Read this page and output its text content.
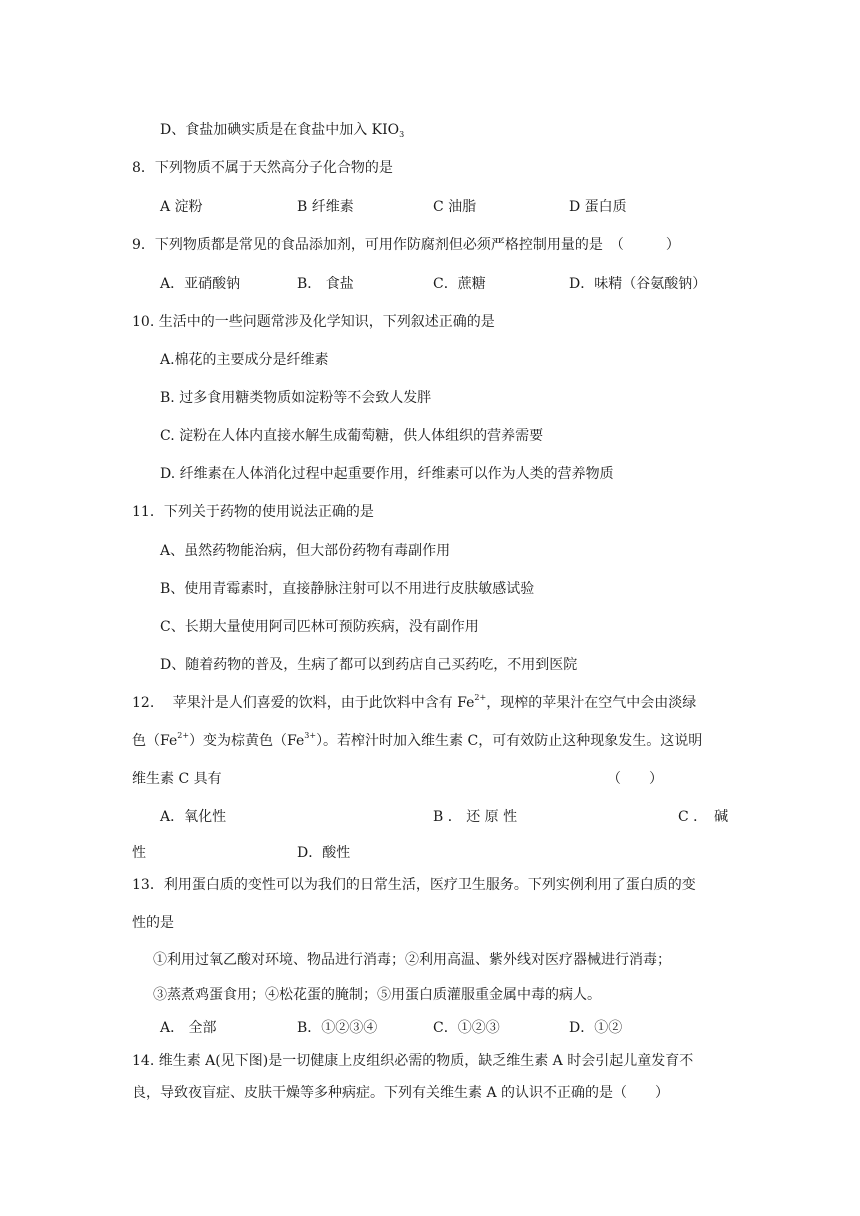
D、食盐加碘实质是在食盐中加入 $KIO_3$
8．下列物质不属于天然高分子化合物的是
A 淀粉	B 纤维素	C 油脂	D 蛋白质
9．下列物质都是常见的食品添加剂，可用作防腐剂但必须严格控制用量的是　（　　　）
A．亚硝酸钠	B． 食盐	C．蔗糖	D．味精（谷氨酸钠）
10. 生活中的一些问题常涉及化学知识，下列叙述正确的是
A.棉花的主要成分是纤维素
B. 过多食用糖类物质如淀粉等不会致人发胖
C. 淀粉在人体内直接水解生成葡萄糖，供人体组织的营养需要
D. 纤维素在人体消化过程中起重要作用，纤维素可以作为人类的营养物质
11．下列关于药物的使用说法正确的是
A、虽然药物能治病，但大部份药物有毒副作用
B、使用青霉素时，直接静脉注射可以不用进行皮肤敏感试验
C、长期大量使用阿司匹林可预防疾病，没有副作用
D、随着药物的普及，生病了都可以到药店自己买药吃，不用到医院
12.　 苹果汁是人们喜爱的饮料，由于此饮料中含有 $Fe^{2+}$，现榨的苹果汁在空气中会由淡绿
色$(Fe^{2+})$变为棕黄色$(Fe^{3+})$。若榨汁时加入维生素 C，可有效防止这种现象发生。这说明
维生素 C 具有	（　　）
A．氧化性	B ． 还 原 性	C ．　碱
性	D．酸性
13．利用蛋白质的变性可以为我们的日常生活，医疗卫生服务。下列实例利用了蛋白质的变
性的是
①利用过氧乙酸对环境、物品进行消毒；②利用高温、紫外线对医疗器械进行消毒；
③蒸煮鸡蛋食用；④松花蛋的腌制；⑤用蛋白质灌服重金属中毒的病人。
A． 全部	B．①②③④	C．①②③	D．①②
14. 维生素 A(见下图)是一切健康上皮组织必需的物质，缺乏维生素 A 时会引起儿童发育不
良，导致夜盲症、皮肤干燥等多种病症。下列有关维生素 A 的认识不正确的是（　　）
